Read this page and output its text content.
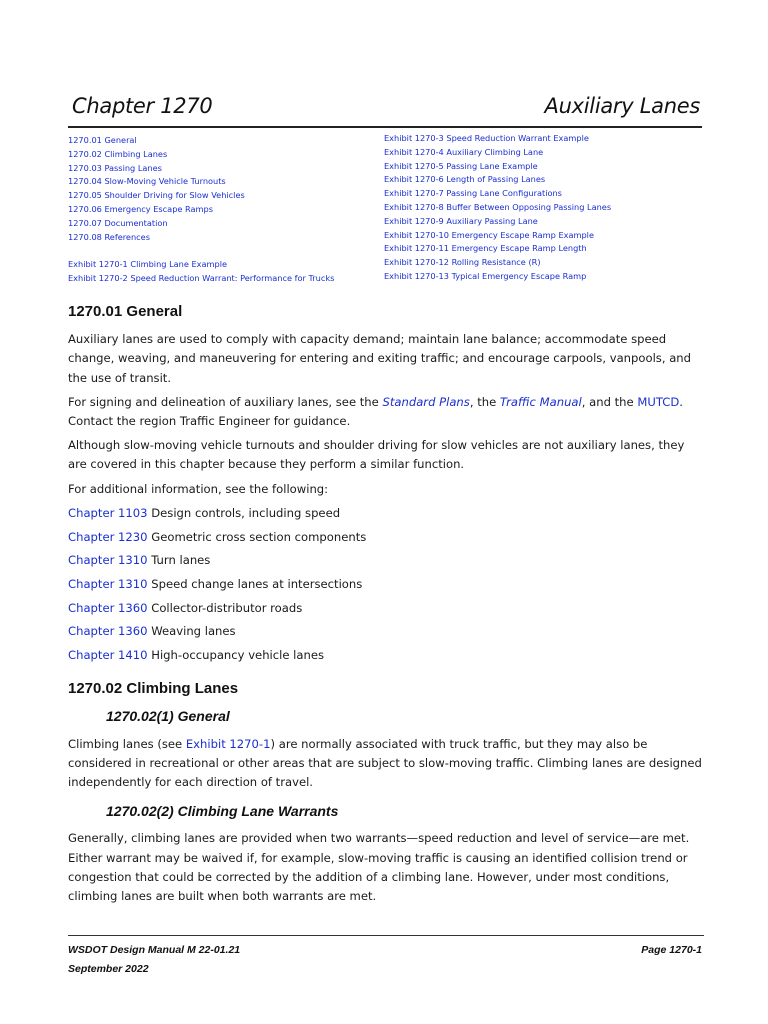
Chapter 1270	Auxiliary Lanes
1270.01 General
1270.02 Climbing Lanes
1270.03 Passing Lanes
1270.04 Slow-Moving Vehicle Turnouts
1270.05 Shoulder Driving for Slow Vehicles
1270.06 Emergency Escape Ramps
1270.07 Documentation
1270.08 References
Exhibit 1270-1 Climbing Lane Example
Exhibit 1270-2 Speed Reduction Warrant: Performance for Trucks
Exhibit 1270-3 Speed Reduction Warrant Example
Exhibit 1270-4 Auxiliary Climbing Lane
Exhibit 1270-5 Passing Lane Example
Exhibit 1270-6 Length of Passing Lanes
Exhibit 1270-7 Passing Lane Configurations
Exhibit 1270-8 Buffer Between Opposing Passing Lanes
Exhibit 1270-9 Auxiliary Passing Lane
Exhibit 1270-10 Emergency Escape Ramp Example
Exhibit 1270-11 Emergency Escape Ramp Length
Exhibit 1270-12 Rolling Resistance (R)
Exhibit 1270-13 Typical Emergency Escape Ramp
1270.01 General

Auxiliary lanes are used to comply with capacity demand; maintain lane balance; accommodate speed change, weaving, and maneuvering for entering and exiting traffic; and encourage carpools, vanpools, and the use of transit.

For signing and delineation of auxiliary lanes, see the Standard Plans, the Traffic Manual, and the MUTCD. Contact the region Traffic Engineer for guidance.

Although slow-moving vehicle turnouts and shoulder driving for slow vehicles are not auxiliary lanes, they are covered in this chapter because they perform a similar function.

For additional information, see the following:

Chapter 1103 Design controls, including speed
Chapter 1230 Geometric cross section components
Chapter 1310 Turn lanes
Chapter 1310 Speed change lanes at intersections
Chapter 1360 Collector-distributor roads
Chapter 1360 Weaving lanes
Chapter 1410 High-occupancy vehicle lanes
1270.02 Climbing Lanes
1270.02(1) General

Climbing lanes (see Exhibit 1270-1) are normally associated with truck traffic, but they may also be considered in recreational or other areas that are subject to slow-moving traffic. Climbing lanes are designed independently for each direction of travel.

1270.02(2) Climbing Lane Warrants

Generally, climbing lanes are provided when two warrants—speed reduction and level of service—are met. Either warrant may be waived if, for example, slow-moving traffic is causing an identified collision trend or congestion that could be corrected by the addition of a climbing lane. However, under most conditions, climbing lanes are built when both warrants are met.

WSDOT Design Manual M 22-01.21
September 2022
Page 1270-1
